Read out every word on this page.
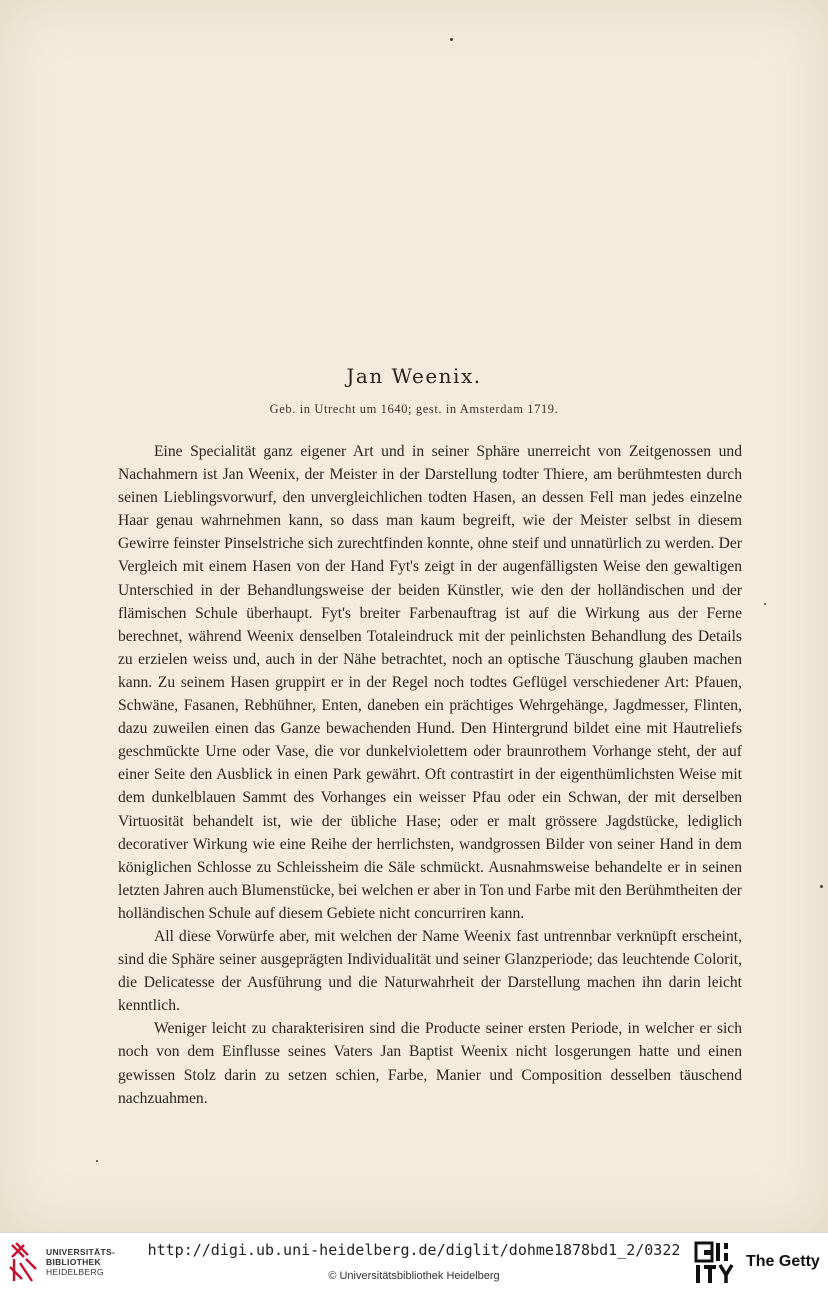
Jan Weenix.
Geb. in Utrecht um 1640; gest. in Amsterdam 1719.

Eine Specialität ganz eigener Art und in seiner Sphäre unerreicht von Zeitgenossen und Nachahmern ist Jan Weenix, der Meister in der Darstellung todter Thiere, am berühmtesten durch seinen Lieblingsvorwurf, den unvergleichlichen todten Hasen, an dessen Fell man jedes einzelne Haar genau wahrnehmen kann, so dass man kaum begreift, wie der Meister selbst in diesem Gewirre feinster Pinselstriche sich zurechtfinden konnte, ohne steif und unnatürlich zu werden. Der Vergleich mit einem Hasen von der Hand Fyt's zeigt in der augenfälligsten Weise den gewaltigen Unterschied in der Behandlungsweise der beiden Künstler, wie den der holländischen und der flämischen Schule überhaupt. Fyt's breiter Farbenauftrag ist auf die Wirkung aus der Ferne berechnet, während Weenix denselben Totaleindruck mit der peinlichsten Behandlung des Details zu erzielen weiss und, auch in der Nähe betrachtet, noch an optische Täuschung glauben machen kann. Zu seinem Hasen gruppirt er in der Regel noch todtes Geflügel verschiedener Art: Pfauen, Schwäne, Fasanen, Rebhühner, Enten, daneben ein prächtiges Wehrgehänge, Jagdmesser, Flinten, dazu zuweilen einen das Ganze bewachenden Hund. Den Hintergrund bildet eine mit Hautreliefs geschmückte Urne oder Vase, die vor dunkelviolettem oder braunrothem Vorhange steht, der auf einer Seite den Ausblick in einen Park gewährt. Oft contrastirt in der eigenthümlichsten Weise mit dem dunkelblauen Sammt des Vorhanges ein weisser Pfau oder ein Schwan, der mit derselben Virtuosität behandelt ist, wie der übliche Hase; oder er malt grössere Jagdstücke, lediglich decorativer Wirkung wie eine Reihe der herrlichsten, wandgrossen Bilder von seiner Hand in dem königlichen Schlosse zu Schleissheim die Säle schmückt. Ausnahmsweise behandelte er in seinen letzten Jahren auch Blumenstücke, bei welchen er aber in Ton und Farbe mit den Berühmtheiten der holländischen Schule auf diesem Gebiete nicht concurriren kann.

All diese Vorwürfe aber, mit welchen der Name Weenix fast untrennbar verknüpft erscheint, sind die Sphäre seiner ausgeprägten Individualität und seiner Glanzperiode; das leuchtende Colorit, die Delicatesse der Ausführung und die Naturwahrheit der Darstellung machen ihn darin leicht kenntlich.

Weniger leicht zu charakterisiren sind die Producte seiner ersten Periode, in welcher er sich noch von dem Einflusse seines Vaters Jan Baptist Weenix nicht losgerungen hatte und einen gewissen Stolz darin zu setzen schien, Farbe, Manier und Composition desselben täuschend nachzuahmen.

UNIVERSITÄTS-
BIBLIOTHEK
HEIDELBERG
http://digi.ub.uni-heidelberg.de/diglit/dohme1878bd1_2/0322
© Universitätsbibliothek Heidelberg
The Getty
